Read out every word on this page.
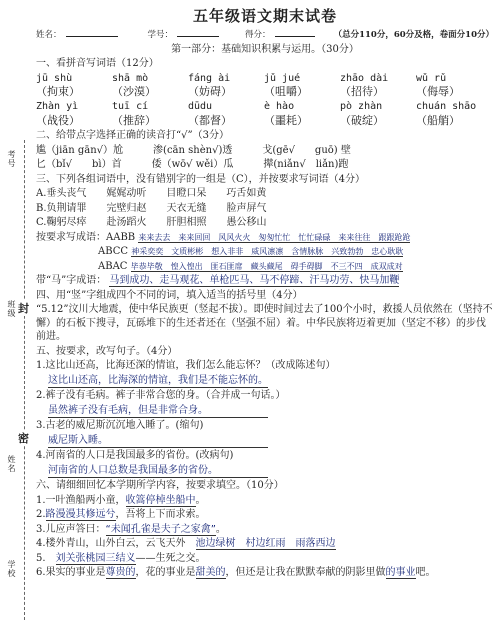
考号
班级
姓名
学校
封
密
五年级语文期末试卷
姓名：	学号：	得分：	（总分110分，60分及格，卷面分10分）
第一部分：基础知识积累与运用。（30分）
一、看拼音写词语（12分）
jū shù	shā mò	fáng ài	jǔ jué	zhāo dài	wǔ rǔ
（拘束）	（沙漠）	（妨碍）	（咀嚼）	（招待）	（侮辱）
Zhàn yì	tuī cí	dūdu	è hào	pò zhàn	chuán shāo
（战役）	（推辞）	（都督）	（噩耗）	（破绽）	（船艄）
二、给带点字选择正确的读音打“√”（3分）
尴（jiān gān√）尬　　　渗(cān shèn√)透　　　戈(gē√　　guō) 壁
匕（bǐ√　　bì）首　　　倭（wō√ wěi）瓜　　　撵(niǎn√　liǎn)跑
三、下列各组词语中，没有错别字的一组是（C），并按要求写词语（4分）
A.垂头丧气　　娓娓动听　　目瞪口呆　　巧舌如黄
B.负荆请罪　　完壁归赵　　天衣无缝　　脸声屏气
C.鞠躬尽瘁　　赴汤蹈火　　肝胆相照　　愚公移山
按要求写成语：AABB 来来去去　来来回回　风风火火　匆匆忙忙　忙忙碌碌　来来往往　跟跟跄跄
ABCC 神采奕奕　文质彬彬　想入非非　威风凛凛　含情脉脉　兴致勃勃　忠心耿耿
ABAC 毕恭毕敬　惶入惶出　匪石匪席　藏头藏尾　碍手碍脚　不三不四　成双成对
带“马”字成语： 马到成功、走马观花、单枪匹马、马不停蹄、汗马功劳、快马加鞭
四、用“竖”字组成四个不同的词，填入适当的括号里（4分）
“5.12”汶川大地震，使中华民族更（竖起不拔）。即使时间过去了100个小时，救援人员依然在（坚持不懈）的石板下搜寻，瓦砾堆下的生还者还在（坚强不屈）着。中华民族将迈着更加（坚定不移）的步伐前进。
五、按要求，改写句子。（4分）
1.这比山还高，比海还深的情谊，我们怎么能忘怀？（改成陈述句）
这比山还高，比海深的情谊，我们是不能忘怀的。
2.裤子没有毛病。裤子非常合您的身。（合并成一句话。）
虽然裤子没有毛病，但是非常合身。
3.古老的威尼斯沉沉地入睡了。(缩句)
威尼斯入睡。
4.河南省的人口是我国最多的省份。(改病句)
河南省的人口总数是我国最多的省份。
六、请细细回忆本学期所学内容，按要求填空。（10分）
1.一叶渔船两小童，收篙停棹坐船中。
2.路漫漫其修远兮，吾将上下而求索。
3.儿应声答曰：“未闻孔雀是夫子之家禽”。
4.楼外青山，山外白云，云飞天外　池边绿树　村边红雨　雨落西边
5.　刘关张桃园三结义——生死之交。
6.果实的事业是尊贵的，花的事业是甜美的，但还是让我在默默奉献的阴影里做的事业吧。
